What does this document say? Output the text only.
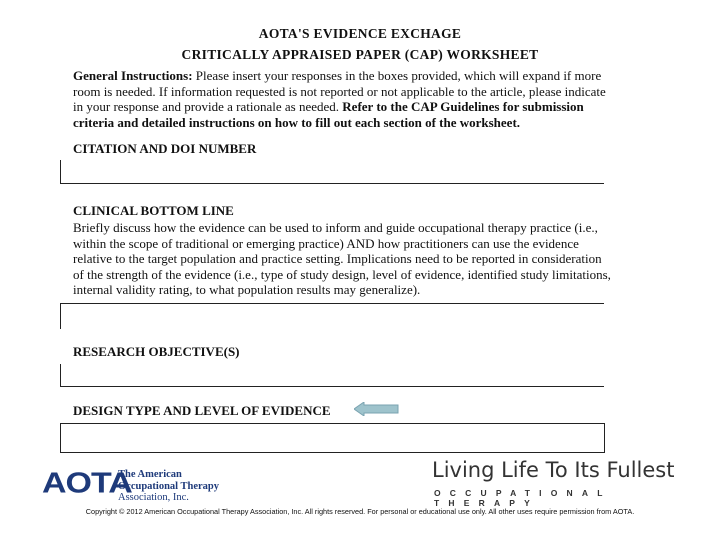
AOTA'S EVIDENCE EXCHAGE
CRITICALLY APPRAISED PAPER (CAP) WORKSHEET
General Instructions: Please insert your responses in the boxes provided, which will expand if more
room is needed. If information requested is not reported or not applicable to the article, please indicate
in your response and provide a rationale as needed. Refer to the CAP Guidelines for submission
criteria and detailed instructions on how to fill out each section of the worksheet.
CITATION AND DOI NUMBER
CLINICAL BOTTOM LINE
Briefly discuss how the evidence can be used to inform and guide occupational therapy practice (i.e.,
within the scope of traditional or emerging practice) AND how practitioners can use the evidence
relative to the target population and practice setting. Implications need to be reported in consideration
of the strength of the evidence (i.e., type of study design, level of evidence, identified study limitations,
internal validity rating, to what population results may generalize).
RESEARCH OBJECTIVE(S)
DESIGN TYPE AND LEVEL OF EVIDENCE
AOTA
The American
Occupational Therapy
Association, Inc.
Living Life To Its Fullest
OCCUPATIONAL THERAPY
Copyright © 2012 American Occupational Therapy Association, Inc. All rights reserved. For personal or educational use only. All other uses require permission from AOTA.
